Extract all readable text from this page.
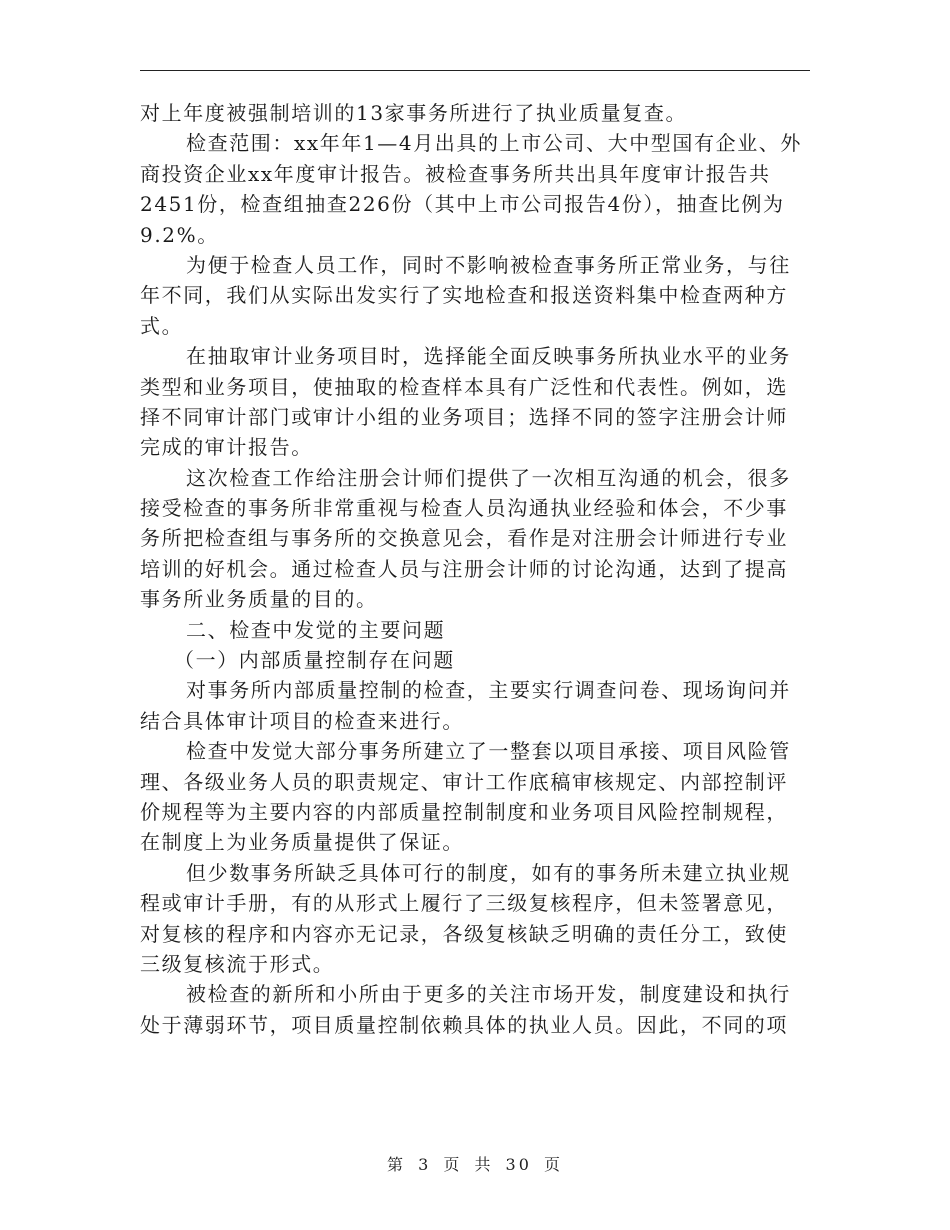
对上年度被强制培训的13家事务所进行了执业质量复查。
检查范围：xx年年1—4月出具的上市公司、大中型国有企业、外
商投资企业xx年度审计报告。被检查事务所共出具年度审计报告共
2451份，检查组抽查226份（其中上市公司报告4份），抽查比例为
9.2%。
为便于检查人员工作，同时不影响被检查事务所正常业务，与往
年不同，我们从实际出发实行了实地检查和报送资料集中检查两种方
式。
在抽取审计业务项目时，选择能全面反映事务所执业水平的业务
类型和业务项目，使抽取的检查样本具有广泛性和代表性。例如，选
择不同审计部门或审计小组的业务项目；选择不同的签字注册会计师
完成的审计报告。
这次检查工作给注册会计师们提供了一次相互沟通的机会，很多
接受检查的事务所非常重视与检查人员沟通执业经验和体会，不少事
务所把检查组与事务所的交换意见会，看作是对注册会计师进行专业
培训的好机会。通过检查人员与注册会计师的讨论沟通，达到了提高
事务所业务质量的目的。
二、检查中发觉的主要问题
（一）内部质量控制存在问题
对事务所内部质量控制的检查，主要实行调查问卷、现场询问并
结合具体审计项目的检查来进行。
检查中发觉大部分事务所建立了一整套以项目承接、项目风险管
理、各级业务人员的职责规定、审计工作底稿审核规定、内部控制评
价规程等为主要内容的内部质量控制制度和业务项目风险控制规程，
在制度上为业务质量提供了保证。
但少数事务所缺乏具体可行的制度，如有的事务所未建立执业规
程或审计手册，有的从形式上履行了三级复核程序，但未签署意见，
对复核的程序和内容亦无记录，各级复核缺乏明确的责任分工，致使
三级复核流于形式。
被检查的新所和小所由于更多的关注市场开发，制度建设和执行
处于薄弱环节，项目质量控制依赖具体的执业人员。因此，不同的项
第 3 页 共 30 页
